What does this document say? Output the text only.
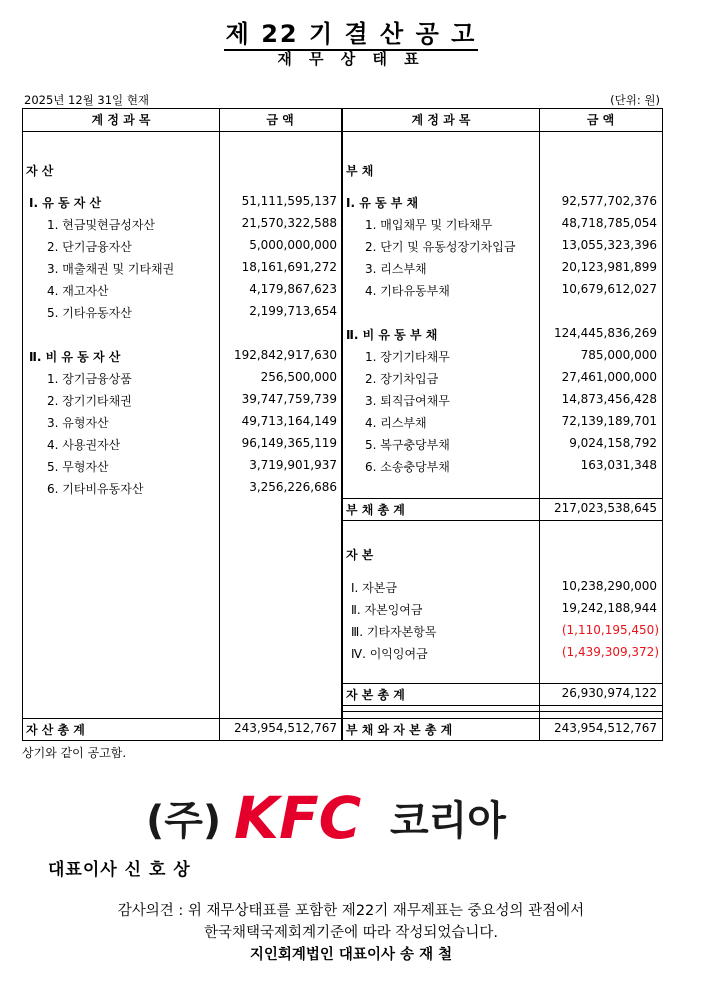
제 22 기 결 산 공 고
재 무 상 태 표
2025년 12월 31일 현재	(단위: 원)
계 정 과 목	금 액
자 산
Ⅰ. 유 동 자 산	51,111,595,137
1. 현금및현금성자산	21,570,322,588
2. 단기금융자산	5,000,000,000
3. 매출채권 및 기타채권	18,161,691,272
4. 재고자산	4,179,867,623
5. 기타유동자산	2,199,713,654
Ⅱ. 비 유 동 자 산	192,842,917,630
1. 장기금융상품	256,500,000
2. 장기기타채권	39,747,759,739
3. 유형자산	49,713,164,149
4. 사용권자산	96,149,365,119
5. 무형자산	3,719,901,937
6. 기타비유동자산	3,256,226,686
자 산 총 계	243,954,512,767
계 정 과 목	금 액
부 채
Ⅰ. 유 동 부 채	92,577,702,376
1. 매입채무 및 기타채무	48,718,785,054
2. 단기 및 유동성장기차입금	13,055,323,396
3. 리스부채	20,123,981,899
4. 기타유동부채	10,679,612,027
Ⅱ. 비 유 동 부 채	124,445,836,269
1. 장기기타채무	785,000,000
2. 장기차입금	27,461,000,000
3. 퇴직급여채무	14,873,456,428
4. 리스부채	72,139,189,701
5. 복구충당부채	9,024,158,792
6. 소송충당부채	163,031,348
부 채 총 계	217,023,538,645
자 본
Ⅰ. 자본금	10,238,290,000
Ⅱ. 자본잉여금	19,242,188,944
Ⅲ. 기타자본항목	(1,110,195,450)
Ⅳ. 이익잉여금	(1,439,309,372)
자 본 총 계	26,930,974,122
부 채 와 자 본 총 계	243,954,512,767
상기와 같이 공고함.
(주) KFC 코리아
대표이사 신 호 상
감사의견 : 위 재무상태표를 포함한 제22기 재무제표는 중요성의 관점에서
한국채택국제회계기준에 따라 작성되었습니다.
지인회계법인 대표이사 송 재 철
